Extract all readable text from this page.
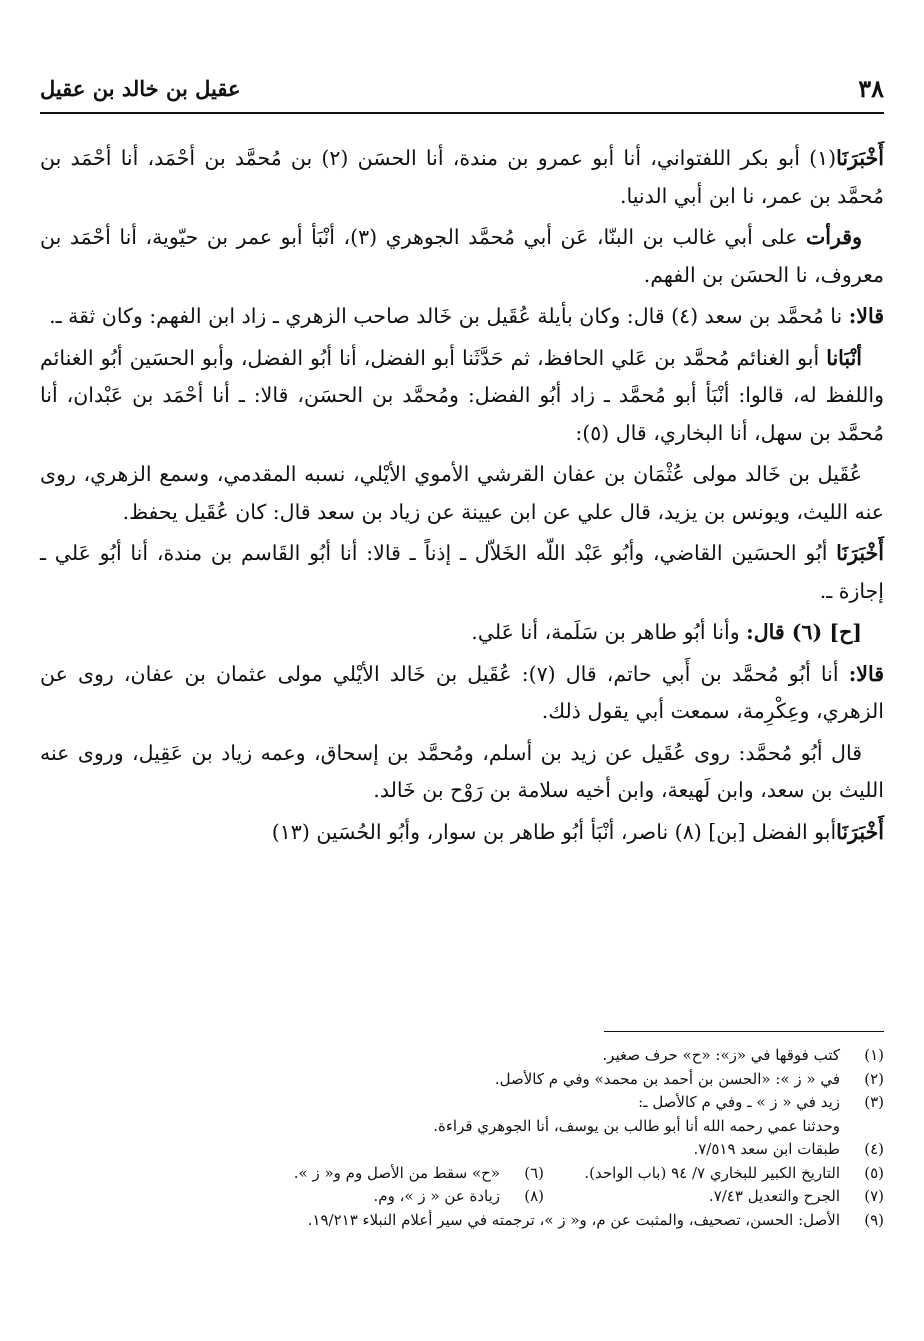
٣٨
عقيل بن خالد بن عقيل

أَخْبَرَنَا(١) أبو بكر اللفتواني، أنا أبو عمرو بن مندة، أنا الحسَن (٢) بن مُحمَّد بن أحْمَد، أنا أحْمَد بن مُحمَّد بن عمر، نا ابن أبي الدنيا.

وقرأت على أبي غالب بن البنّا، عَن أبي مُحمَّد الجوهري (٣)، أنْبَأ أبو عمر بن حيّوية، أنا أحْمَد بن معروف، نا الحسَن بن الفهم.

قالا: نا مُحمَّد بن سعد (٤) قال: وكان بأيلة عُقَيل بن خَالد صاحب الزهري ـ زاد ابن الفهم: وكان ثقة ـ.

أنْبَانا أبو الغنائم مُحمَّد بن عَلي الحافظ، ثم حَدَّثَنا أبو الفضل، أنا أبُو الفضل، وأبو الحسَين أبُو الغنائم واللفظ له، قالوا: أنْبَأ أبو مُحمَّد ـ زاد أبُو الفضل: ومُحمَّد بن الحسَن، قالا: ـ أنا أحْمَد بن عَبْدان، أنا مُحمَّد بن سهل، أنا البخاري، قال (٥):

عُقَيل بن خَالد مولى عُثْمَان بن عفان القرشي الأموي الأيْلي، نسبه المقدمي، وسمع الزهري، روى عنه الليث، ويونس بن يزيد، قال علي عن ابن عيينة عن زياد بن سعد قال: كان عُقَيل يحفظ.

أَخْبَرَنَا أبُو الحسَين القاضي، وأبُو عَبْد اللّه الخَلاّل ـ إذناً ـ قالا: أنا أبُو القَاسم بن مندة، أنا أبُو عَلي ـ إجازة ـ.

[ح] (٦) قال: وأنا أبُو طاهر بن سَلَمة، أنا عَلي.

قالا: أنا أبُو مُحمَّد بن أَبي حاتم، قال (٧): عُقَيل بن خَالد الأيْلي مولى عثمان بن عفان، روى عن الزهري، وعِكْرِمة، سمعت أبي يقول ذلك.

قال أبُو مُحمَّد: روى عُقَيل عن زيد بن أسلم، ومُحمَّد بن إسحاق، وعمه زياد بن عَقِيل، وروى عنه الليث بن سعد، وابن لَهيعة، وابن أخيه سلامة بن رَوْح بن خَالد.

أَخْبَرَنَاأبو الفضل [بن] (٨) ناصر، أنْبَأ أبُو طاهر بن سوار، وأبُو الحُسَين (١٣)

(١)
كتب فوقها في «ز»: «ح» حرف صغير.
(٢)
في « ز »: «الحسن بن أحمد بن محمد» وفي م كالأصل.
(٣)
زيد في « ز » ـ وفي م كالأصل ـ:
وحدثنا عمي رحمه الله أنا أبو طالب بن يوسف، أنا الجوهري قراءة.
(٤)
طبقات ابن سعد ٧/٥١٩.
(٥)
التاريخ الكبير للبخاري ٧/ ٩٤ (باب الواحد).
(٦)
«ح» سقط من الأصل وم و« ز ».
(٧)
الجرح والتعديل ٧/٤٣.
(٨)
زيادة عن « ز »، وم.
(٩)
الأصل: الحسن، تصحيف، والمثبت عن م، و« ز »، ترجمته في سير أعلام النبلاء ١٩/٢١٣.
